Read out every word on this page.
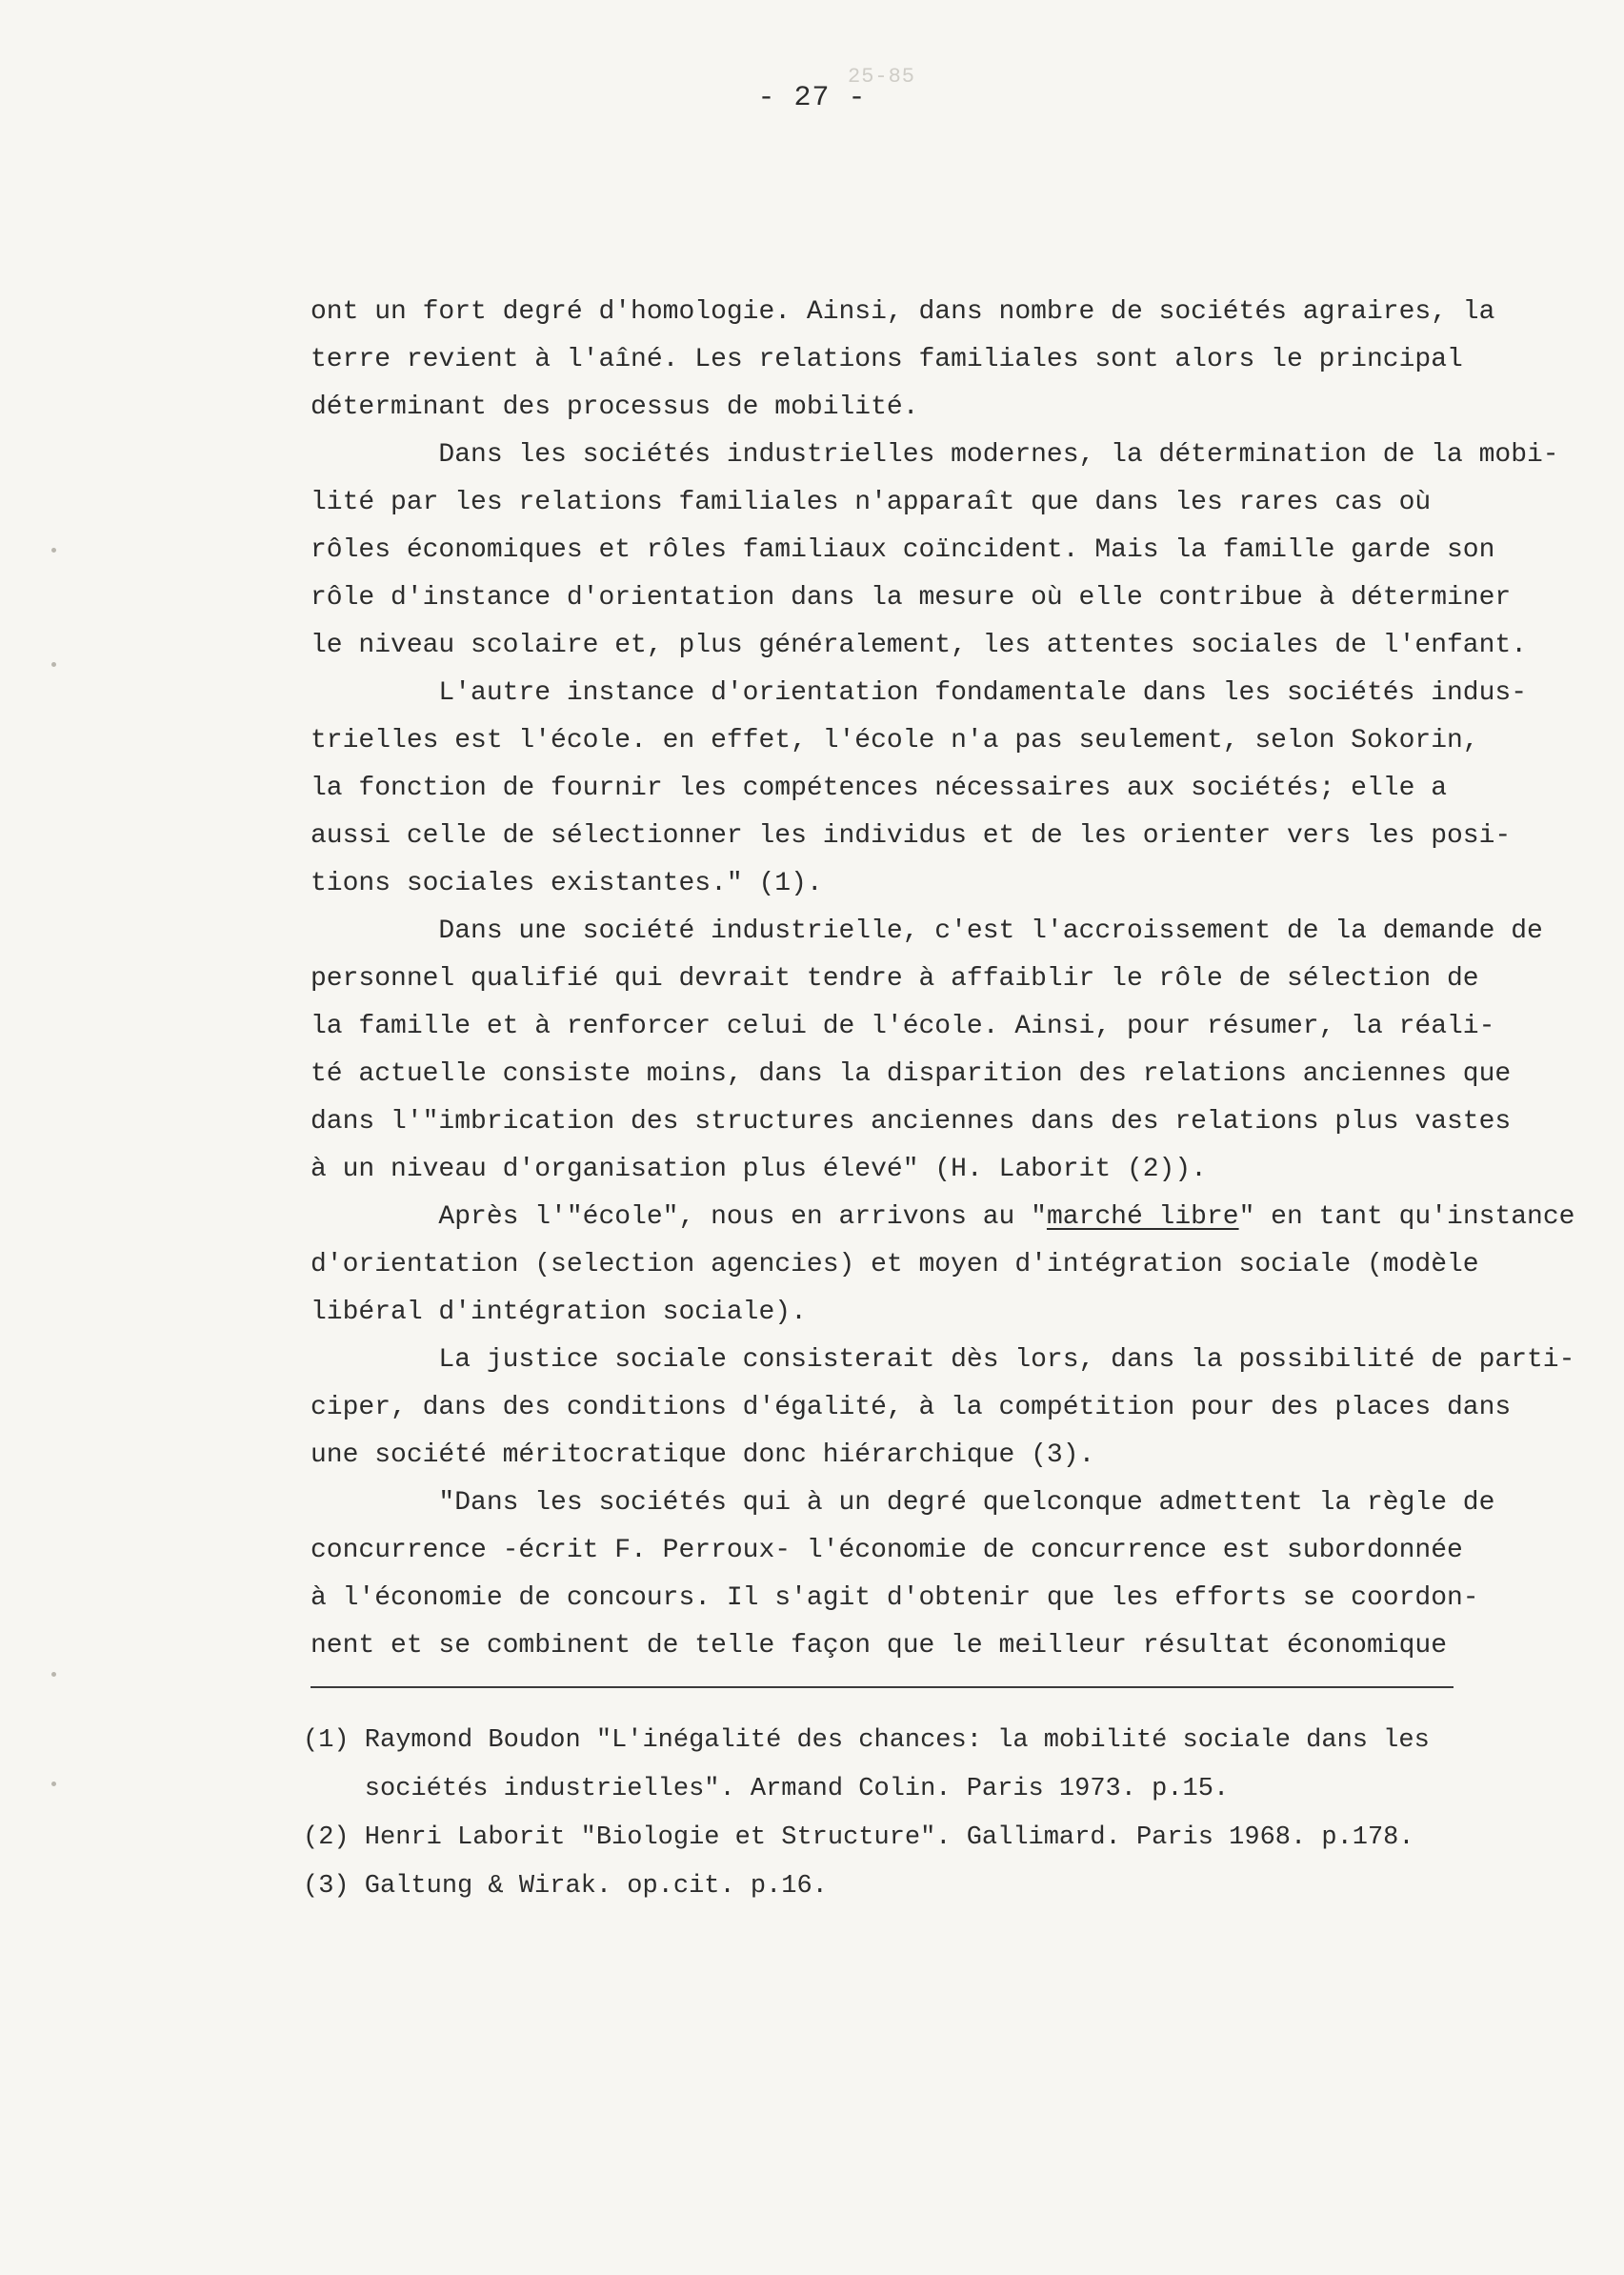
25-85
- 27 -
ont un fort degré d'homologie. Ainsi, dans nombre de sociétés agraires, la
terre revient à l'aîné. Les relations familiales sont alors le principal
déterminant des processus de mobilité.
Dans les sociétés industrielles modernes, la détermination de la mobi-
lité par les relations familiales n'apparaît que dans les rares cas où
rôles économiques et rôles familiaux coïncident. Mais la famille garde son
rôle d'instance d'orientation dans la mesure où elle contribue à déterminer
le niveau scolaire et, plus généralement, les attentes sociales de l'enfant.
L'autre instance d'orientation fondamentale dans les sociétés indus-
trielles est l'école. en effet, l'école n'a pas seulement, selon Sokorin,
la fonction de fournir les compétences nécessaires aux sociétés; elle a
aussi celle de sélectionner les individus et de les orienter vers les posi-
tions sociales existantes." (1).
Dans une société industrielle, c'est l'accroissement de la demande de
personnel qualifié qui devrait tendre à affaiblir le rôle de sélection de
la famille et à renforcer celui de l'école. Ainsi, pour résumer, la réali-
té actuelle consiste moins, dans la disparition des relations anciennes que
dans l'"imbrication des structures anciennes dans des relations plus vastes
à un niveau d'organisation plus élevé" (H. Laborit (2)).
Après l'"école", nous en arrivons au "marché libre" en tant qu'instance
d'orientation (selection agencies) et moyen d'intégration sociale (modèle
libéral d'intégration sociale).
La justice sociale consisterait dès lors, dans la possibilité de parti-
ciper, dans des conditions d'égalité, à la compétition pour des places dans
une société méritocratique donc hiérarchique (3).
"Dans les sociétés qui à un degré quelconque admettent la règle de
concurrence -écrit F. Perroux- l'économie de concurrence est subordonnée
à l'économie de concours. Il s'agit d'obtenir que les efforts se coordon-
nent et se combinent de telle façon que le meilleur résultat économique
(1) Raymond Boudon "L'inégalité des chances: la mobilité sociale dans les
sociétés industrielles". Armand Colin. Paris 1973. p.15.
(2) Henri Laborit "Biologie et Structure". Gallimard. Paris 1968. p.178.
(3) Galtung & Wirak. op.cit. p.16.
